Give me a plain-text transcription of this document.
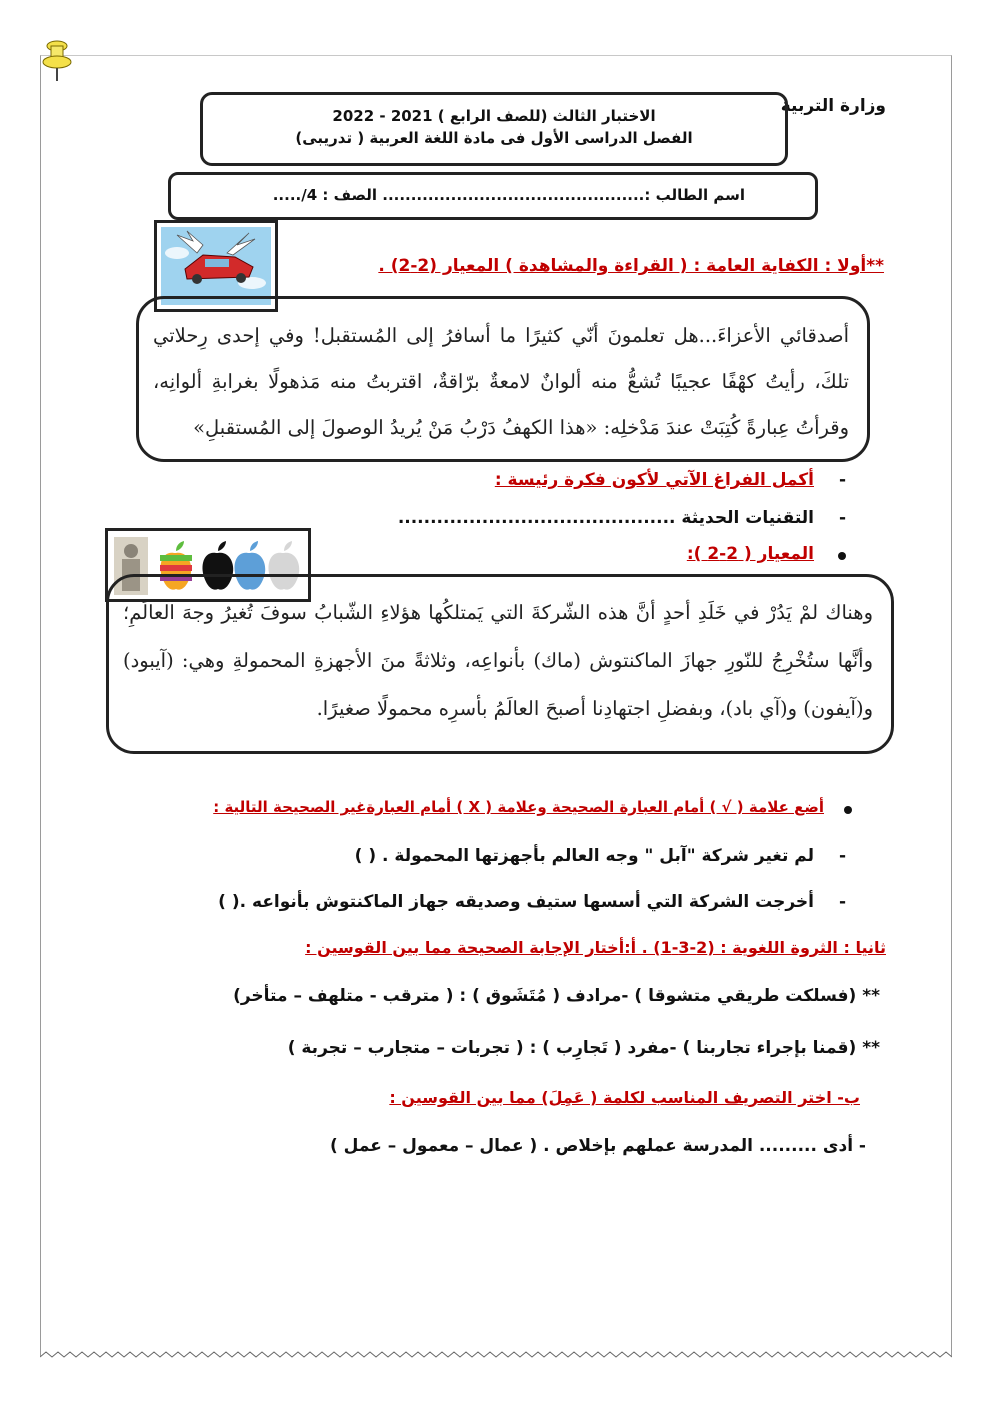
وزارة التربية
الاختبار الثالث (للصف الرابع ) 2021 - 2022
الفصل الدراسى الأول فى مادة اللغة العربية ( تدريبى)
اسم الطالب :.............................................. الصف : 4/.....
**أولا : الكفاية العامة : ( القراءة والمشاهدة ) المعيار (2-2) .
أصدقائي الأعزاءَ...هل تعلمونَ أنّي كثيرًا ما أسافرُ إلى المُستقبل! وفي إحدى رِحلاتي تلكَ، رأيتُ كهْفًا عجيبًا تُشعُّ منه ألوانٌ لامعةٌ برّاقةٌ، اقتربتُ منه مَذهولًا بغرابةِ ألوانِه، وقرأتُ عِبارةً كُتِبَتْ عندَ مَدْخلِه: «هذا الكهفُ دَرْبُ مَنْ يُريدُ الوصولَ إلى المُستقبلِ»
-
أكمل الفراغ الآتي لأكون فكرة رئيسة :
-
التقنيات الحديثة ...........................................
المعيار ( 2-2 ):
وهناك لمْ يَدُرْ في خَلَدِ أحدٍ أنَّ هذه الشّركةَ التي يَمتلكُها هؤلاءِ الشّبابُ سوفَ تُغيرُ وجهَ العالَمِ؛ وأنَّها ستُخْرِجُ للنّورِ جهازَ الماكنتوش (ماك) بأنواعِه، وثلاثةً منَ الأجهزةِ المحمولةِ وهي: (آيبود) و(آيفون) و(آي باد)، وبفضلِ اجتهادِنا أصبحَ العالَمُ بأسرِه محمولًا صغيرًا.
أضع علامة ( √ ) أمام العبارة الصحيحة وعلامة ( X ) أمام العبارةغير الصحيحة التالية :
-
لم تغير شركة "آبل " وجه العالم بأجهزتها المحمولة . ( )
-
أخرجت الشركة التي أسسها ستيف وصديقه جهاز الماكنتوش بأنواعه .( )
ثانيا : الثروة اللغوية : (2-3-1) . أ:أختار الإجابة الصحيحة مما بين القوسين :
** (فسلكت طريقي متشوقا ) -مرادف ( مُتَشَوق ) : ( مترقب - متلهف – متأخر)
** (قمنا بإجراء تجاربنا ) -مفرد ( تَجارِب ) : ( تجربات – متجارب – تجربة )
ب- اختر التصريف المناسب لكلمة ( عَمِلَ) مما بين القوسين :
- أدى ......... المدرسة عملهم بإخلاص . ( عمال – معمول – عمل )
